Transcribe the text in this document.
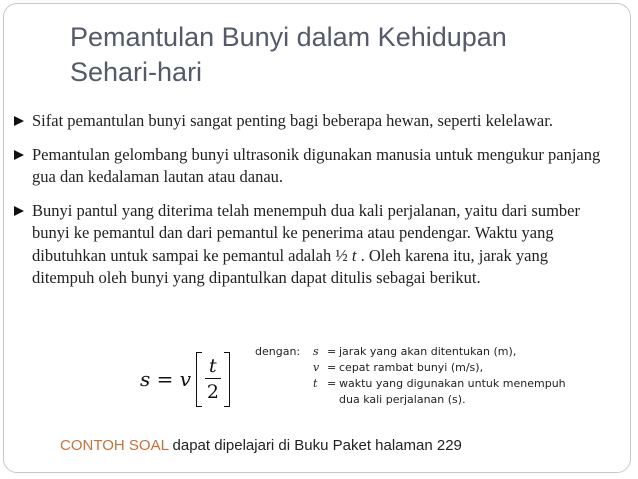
Pemantulan Bunyi dalam Kehidupan
Sehari-hari
Sifat pemantulan bunyi sangat penting bagi beberapa hewan, seperti kelelawar.
Pemantulan gelombang bunyi ultrasonik digunakan manusia untuk mengukur panjang gua dan kedalaman lautan atau danau.
Bunyi pantul yang diterima telah menempuh dua kali perjalanan, yaitu dari sumber bunyi ke pemantul dan dari pemantul ke penerima atau pendengar. Waktu yang dibutuhkan untuk sampai ke pemantul adalah ½ t . Oleh karena itu, jarak yang ditempuh oleh bunyi yang dipantulkan dapat ditulis sebagai berikut.
s = v $\frac{t}{2}$ dengan:	s = jarak yang akan ditentukan (m),
v = cepat rambat bunyi (m/s),
t = waktu yang digunakan untuk menempuh
dua kali perjalanan (s).
CONTOH SOAL dapat dipelajari di Buku Paket halaman 229
